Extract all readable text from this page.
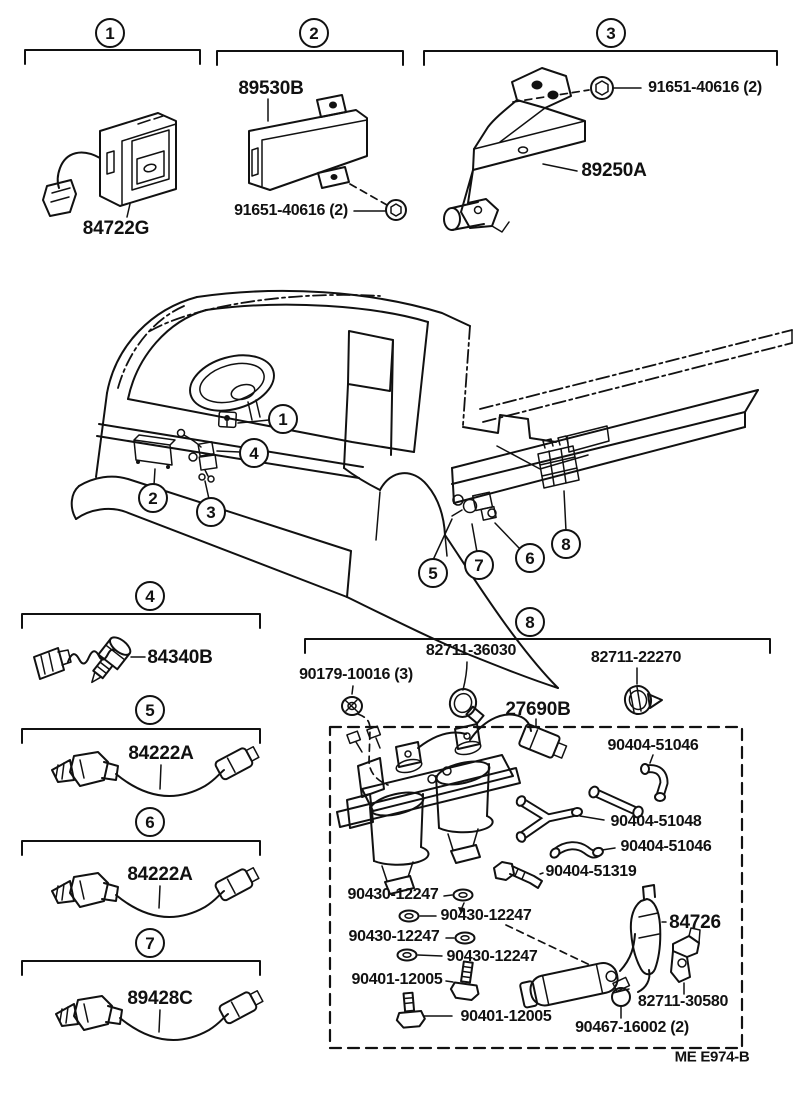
1	2	3
4
5
6
7
8
1
4
2
3
5	7	6
8
84722G
89530B
91651-40616 (2)
91651-40616 (2)
89250A
84340B
84222A
84222A
89428C
82711-36030	82711-22270
90179-10016 (3)
27690B
90404-51046
90404-51048
90404-51046
90404-51319
90430-12247
90430-12247
90430-12247
90430-12247
84726
90401-12005
90401-12005
82711-30580
90467-16002 (2)
ME E974-B
